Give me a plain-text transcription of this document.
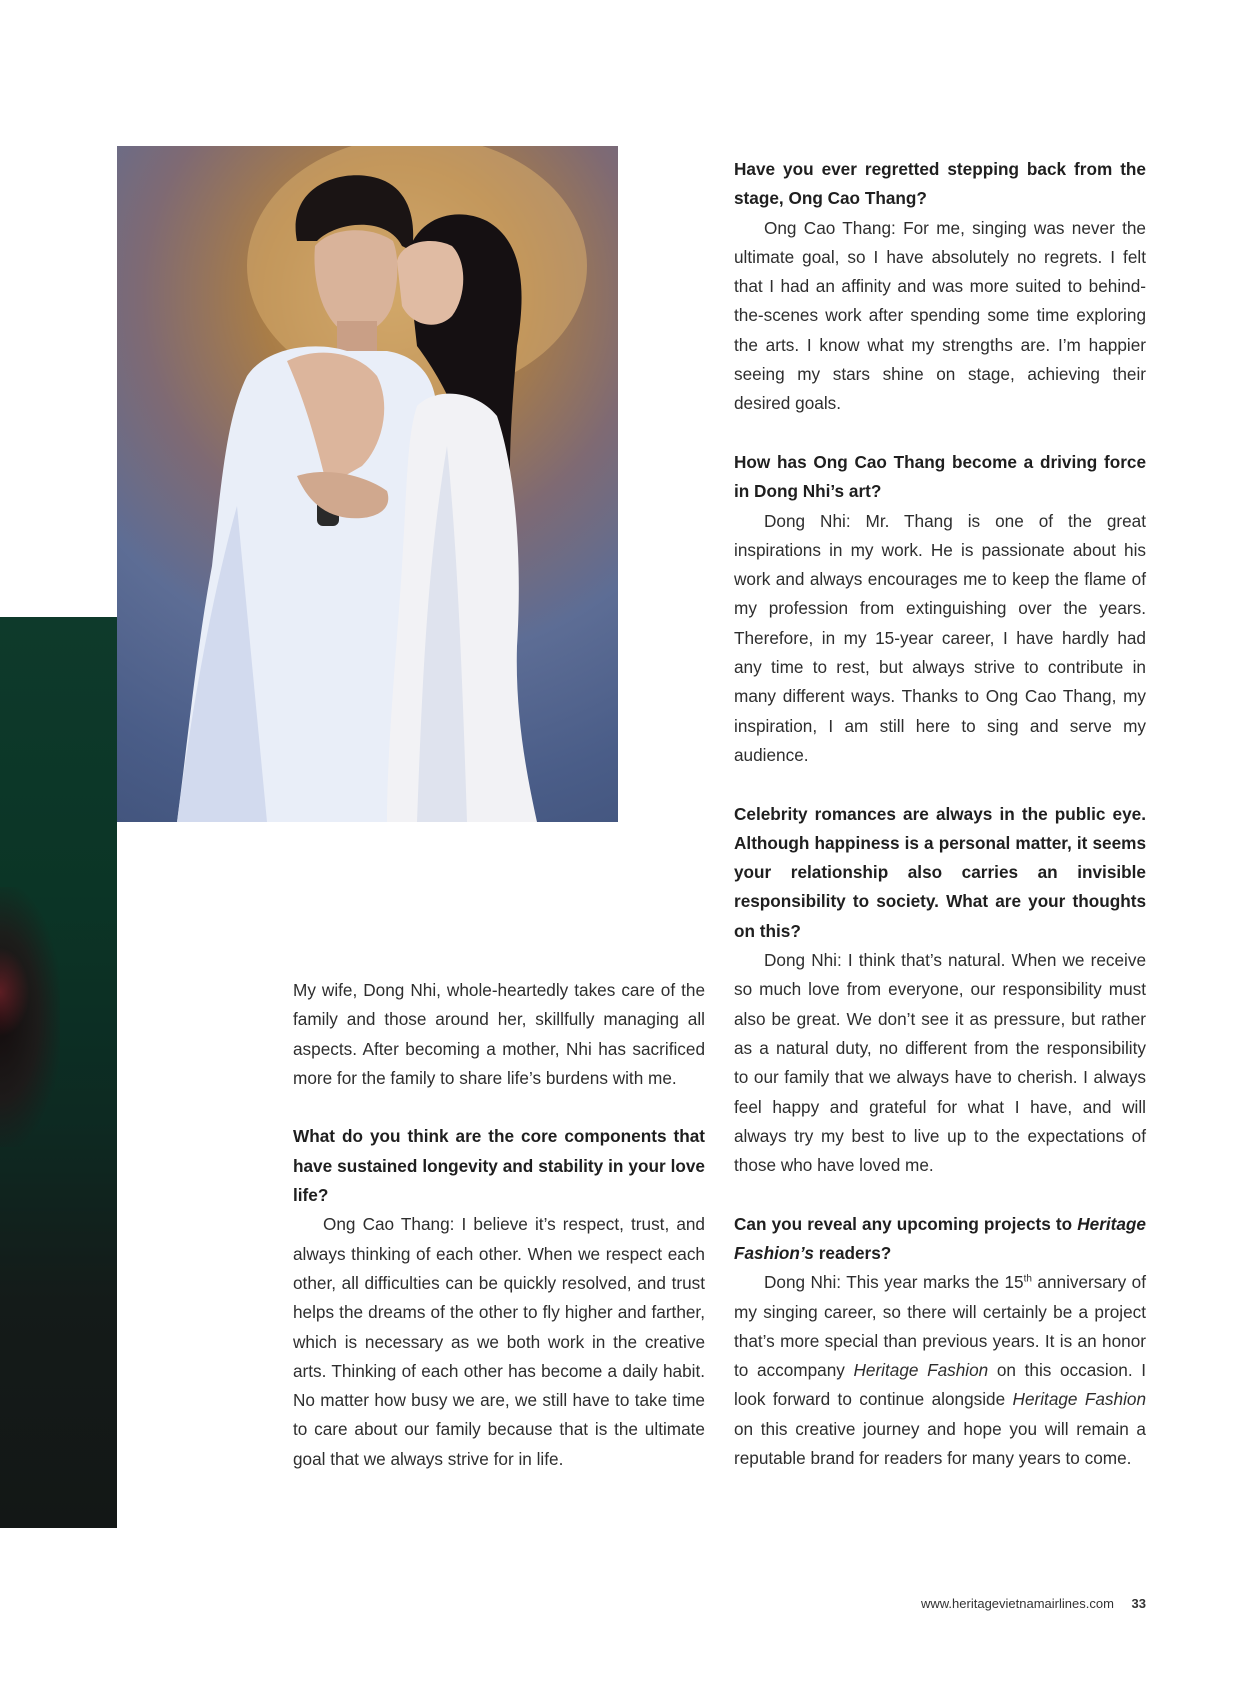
Have you ever regretted stepping back from the stage, Ong Cao Thang?

Ong Cao Thang: For me, singing was never the ultimate goal, so I have absolutely no regrets. I felt that I had an affinity and was more suited to behind-the-scenes work after spending some time exploring the arts. I know what my strengths are. I’m happier seeing my stars shine on stage, achieving their desired goals.

How has Ong Cao Thang become a driving force in Dong Nhi’s art?

Dong Nhi: Mr. Thang is one of the great inspirations in my work. He is passionate about his work and always encourages me to keep the flame of my profession from extinguishing over the years. Therefore, in my 15-year career, I have hardly had any time to rest, but always strive to contribute in many different ways. Thanks to Ong Cao Thang, my inspiration, I am still here to sing and serve my audience.

Celebrity romances are always in the public eye. Although happiness is a personal matter, it seems your relationship also carries an invisible responsibility to society. What are your thoughts on this?

Dong Nhi: I think that’s natural. When we receive so much love from everyone, our responsibility must also be great. We don’t see it as pressure, but rather as a natural duty, no different from the responsibility to our family that we always have to cherish. I always feel happy and grateful for what I have, and will always try my best to live up to the expectations of those who have loved me.

Can you reveal any upcoming projects to Heritage Fashion’s readers?

Dong Nhi: This year marks the 15th anniversary of my singing career, so there will certainly be a project that’s more special than previous years. It is an honor to accompany Heritage Fashion on this occasion. I look forward to continue alongside Heritage Fashion on this creative journey and hope you will remain a reputable brand for readers for many years to come.

My wife, Dong Nhi, whole-heartedly takes care of the family and those around her, skillfully managing all aspects. After becoming a mother, Nhi has sacrificed more for the family to share life’s burdens with me.

What do you think are the core components that have sustained longevity and stability in your love life?

Ong Cao Thang: I believe it’s respect, trust, and always thinking of each other. When we respect each other, all difficulties can be quickly resolved, and trust helps the dreams of the other to fly higher and farther, which is necessary as we both work in the creative arts. Thinking of each other has become a daily habit. No matter how busy we are, we still have to take time to care about our family because that is the ultimate goal that we always strive for in life.

www.heritagevietnamairlines.com 33
